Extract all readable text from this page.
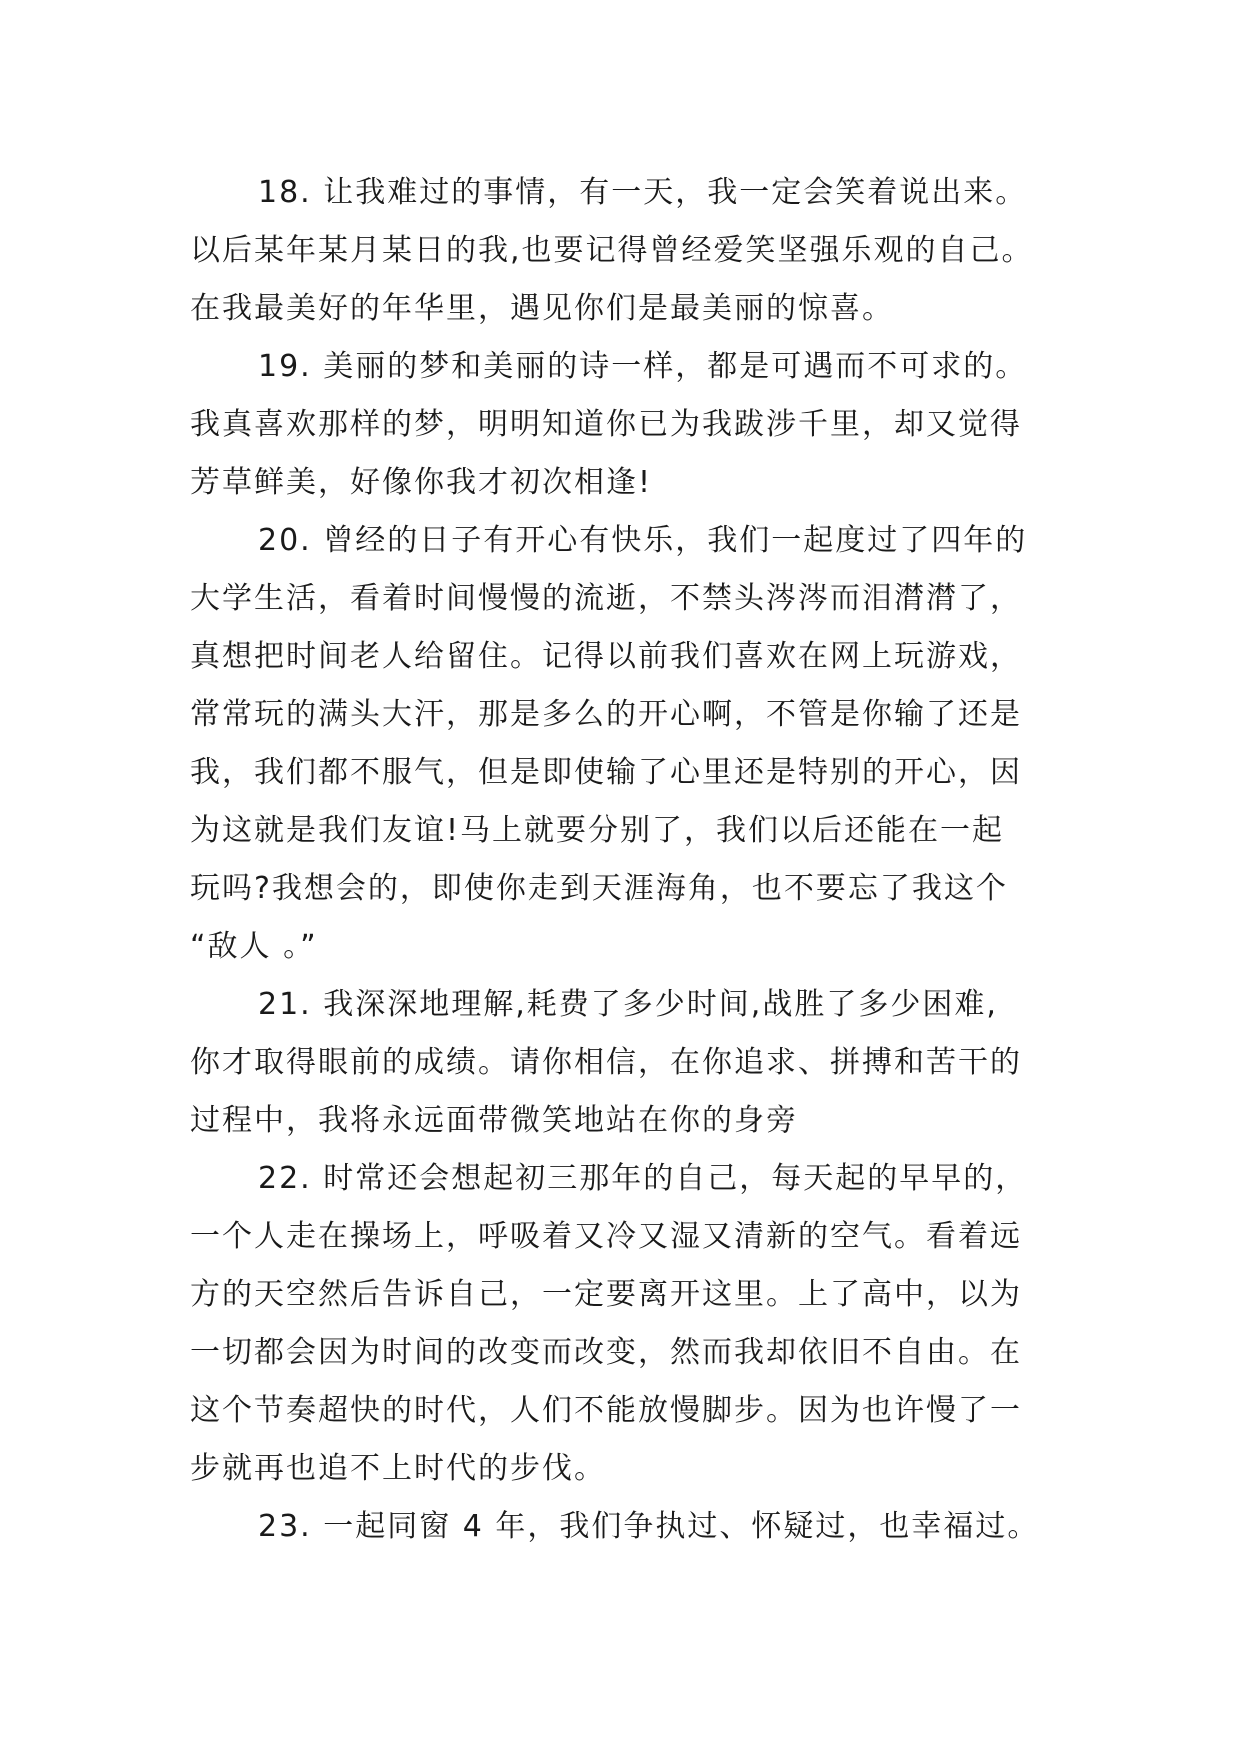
18. 让我难过的事情，有一天，我一定会笑着说出来。
以后某年某月某日的我,也要记得曾经爱笑坚强乐观的自己。
在我最美好的年华里，遇见你们是最美丽的惊喜。
19. 美丽的梦和美丽的诗一样，都是可遇而不可求的。
我真喜欢那样的梦，明明知道你已为我跋涉千里，却又觉得
芳草鲜美，好像你我才初次相逢!
20. 曾经的日子有开心有快乐，我们一起度过了四年的
大学生活，看着时间慢慢的流逝，不禁头涔涔而泪潸潸了，
真想把时间老人给留住。记得以前我们喜欢在网上玩游戏，
常常玩的满头大汗，那是多么的开心啊，不管是你输了还是
我，我们都不服气，但是即使输了心里还是特别的开心，因
为这就是我们友谊!马上就要分别了，我们以后还能在一起
玩吗?我想会的，即使你走到天涯海角，也不要忘了我这个
“敌人 。”
21. 我深深地理解,耗费了多少时间,战胜了多少困难,
你才取得眼前的成绩。请你相信，在你追求、拼搏和苦干的
过程中，我将永远面带微笑地站在你的身旁
22. 时常还会想起初三那年的自己，每天起的早早的，
一个人走在操场上，呼吸着又冷又湿又清新的空气。看着远
方的天空然后告诉自己，一定要离开这里。上了高中，以为
一切都会因为时间的改变而改变，然而我却依旧不自由。在
这个节奏超快的时代，人们不能放慢脚步。因为也许慢了一
步就再也追不上时代的步伐。
23. 一起同窗 4 年，我们争执过、怀疑过，也幸福过。
